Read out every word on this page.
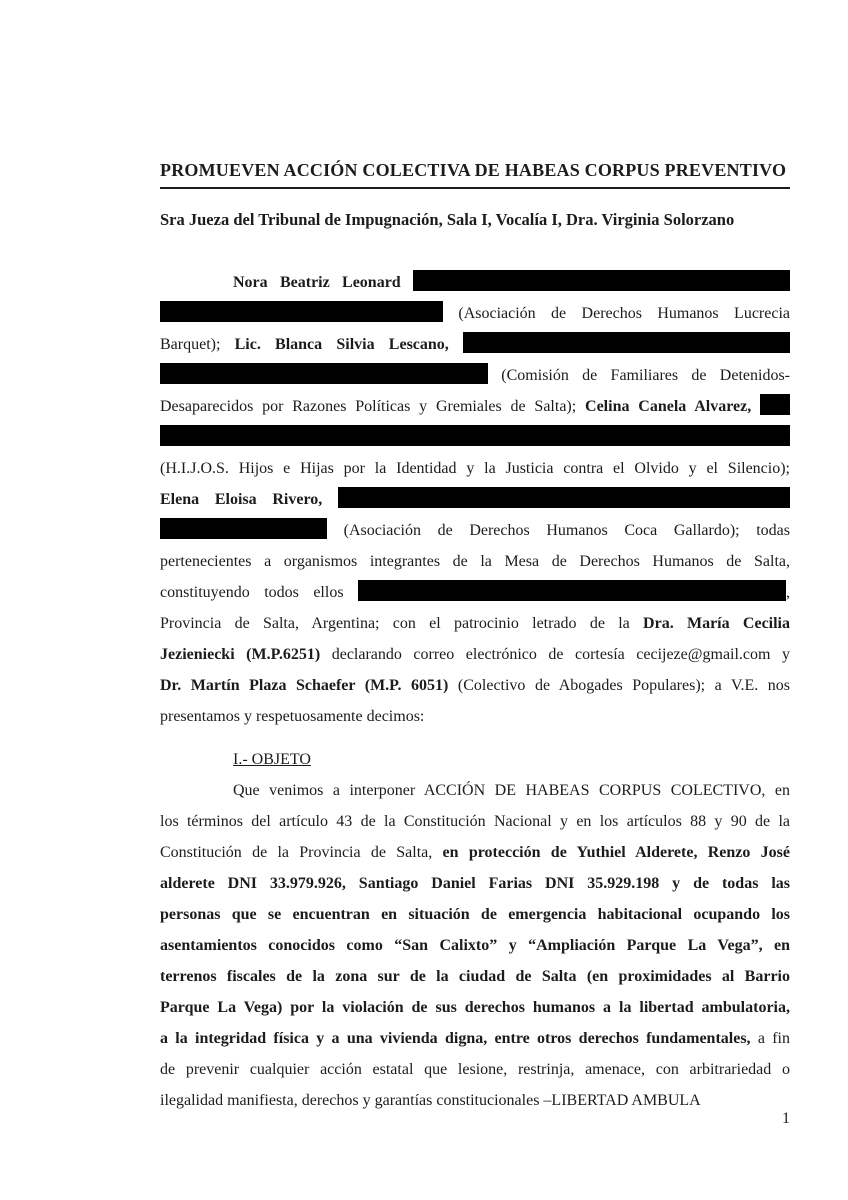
PROMUEVEN ACCIÓN COLECTIVA DE HABEAS CORPUS PREVENTIVO
Sra Jueza del Tribunal de Impugnación, Sala I, Vocalía I, Dra. Virginia Solorzano
Nora Beatriz Leonard
(Asociación de Derechos Humanos Lucrecia
Barquet); Lic. Blanca Silvia Lescano,
(Comisión de Familiares de Detenidos-
Desaparecidos por Razones Políticas y Gremiales de Salta); Celina Canela Alvarez,
(H.I.J.O.S. Hijos e Hijas por la Identidad y la Justicia contra el Olvido y el Silencio);
Elena Eloisa Rivero,
(Asociación de Derechos Humanos Coca Gallardo); todas
pertenecientes a organismos integrantes de la Mesa de Derechos Humanos de Salta,
constituyendo todos ellos	,
Provincia de Salta, Argentina; con el patrocinio letrado de la Dra. María Cecilia
Jezieniecki (M.P.6251) declarando correo electrónico de cortesía cecijeze@gmail.com y
Dr. Martín Plaza Schaefer (M.P. 6051) (Colectivo de Abogades Populares); a V.E. nos
presentamos y respetuosamente decimos:
I.- OBJETO
Que venimos a interponer ACCIÓN DE HABEAS CORPUS COLECTIVO, en
los términos del artículo 43 de la Constitución Nacional y en los artículos 88 y 90 de la
Constitución de la Provincia de Salta, en protección de Yuthiel Alderete, Renzo José
alderete DNI 33.979.926, Santiago Daniel Farias DNI 35.929.198 y de todas las
personas que se encuentran en situación de emergencia habitacional ocupando los
asentamientos conocidos como “San Calixto” y “Ampliación Parque La Vega”, en
terrenos fiscales de la zona sur de la ciudad de Salta (en proximidades al Barrio
Parque La Vega) por la violación de sus derechos humanos a la libertad ambulatoria,
a la integridad física y a una vivienda digna, entre otros derechos fundamentales, a fin
de prevenir cualquier acción estatal que lesione, restrinja, amenace, con arbitrariedad o
ilegalidad manifiesta, derechos y garantías constitucionales –LIBERTAD AMBULA
1
